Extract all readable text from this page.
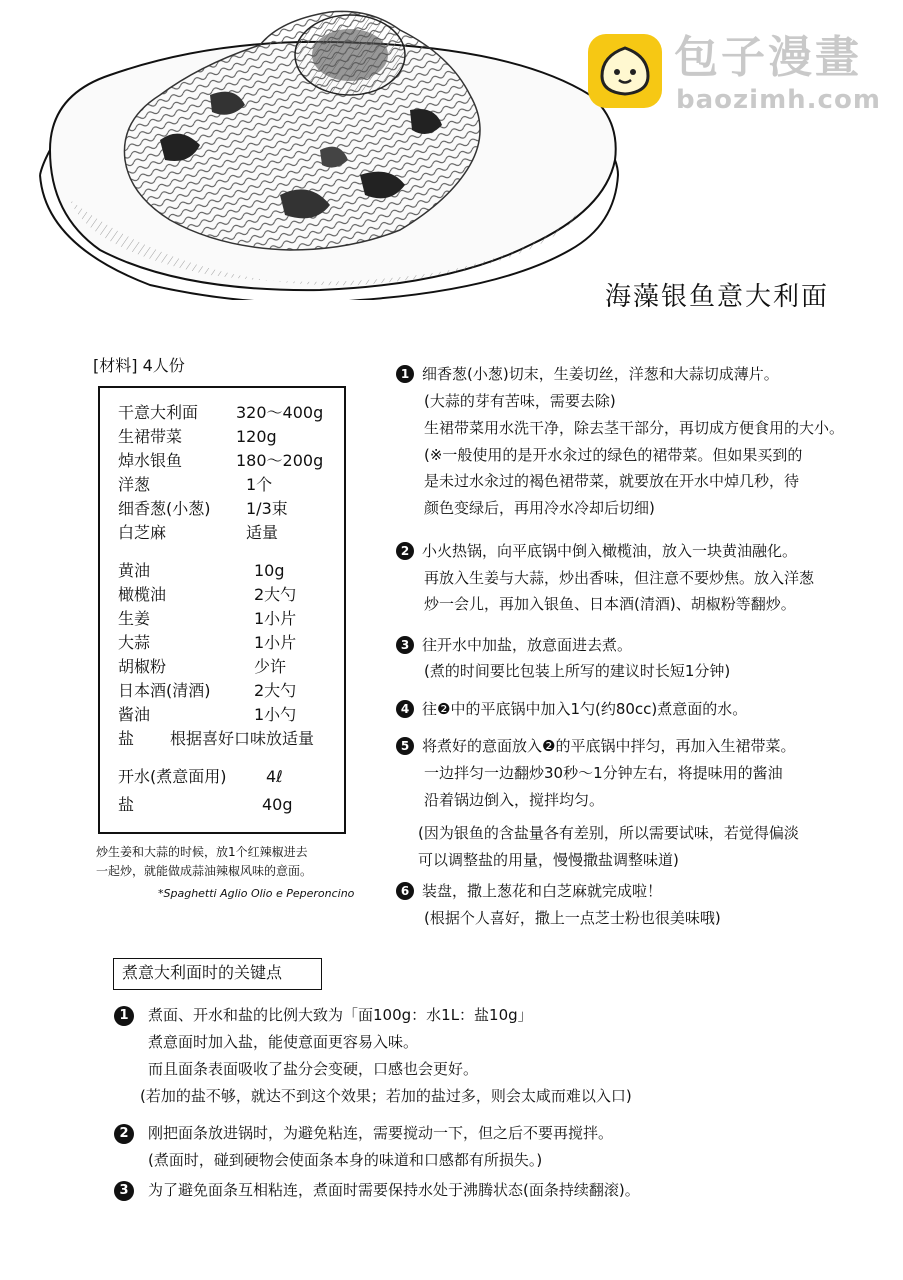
包子漫畫
baozimh.com
海藻银鱼意大利面
[材料] 4人份
干意大利面 320～400g
生裙带菜	120g
焯水银鱼	180～200g
洋葱	1个
细香葱(小葱) 1/3束
白芝麻	适量
黄油	10g
橄榄油	2大勺
生姜	1小片
大蒜	1小片
胡椒粉	少许
日本酒(清酒)	2大勺
酱油	1小勺
盐 根据喜好口味放适量
开水(煮意面用) 4ℓ
盐	40g
炒生姜和大蒜的时候，放1个红辣椒进去
一起炒，就能做成蒜油辣椒风味的意面。
*Spaghetti Aglio Olio e Peperoncino
1 细香葱(小葱)切末，生姜切丝，洋葱和大蒜切成薄片。
(大蒜的芽有苦味，需要去除)
生裙带菜用水洗干净，除去茎干部分，再切成方便食用的大小。
(※一般使用的是开水汆过的绿色的裙带菜。但如果买到的
是未过水汆过的褐色裙带菜，就要放在开水中焯几秒，待
颜色变绿后，再用冷水冷却后切细)
2 小火热锅，向平底锅中倒入橄榄油，放入一块黄油融化。
再放入生姜与大蒜，炒出香味，但注意不要炒焦。放入洋葱
炒一会儿，再加入银鱼、日本酒(清酒)、胡椒粉等翻炒。
3 往开水中加盐，放意面进去煮。
(煮的时间要比包装上所写的建议时长短1分钟)
4 往❷中的平底锅中加入1勺(约80cc)煮意面的水。
5 将煮好的意面放入❷的平底锅中拌匀，再加入生裙带菜。
一边拌匀一边翻炒30秒～1分钟左右，将提味用的酱油
沿着锅边倒入，搅拌均匀。
(因为银鱼的含盐量各有差别，所以需要试味，若觉得偏淡
可以调整盐的用量，慢慢撒盐调整味道)
6 装盘，撒上葱花和白芝麻就完成啦！
(根据个人喜好，撒上一点芝士粉也很美味哦)
煮意大利面时的关键点
1 煮面、开水和盐的比例大致为「面100g：水1L：盐10g」
煮意面时加入盐，能使意面更容易入味。
而且面条表面吸收了盐分会变硬，口感也会更好。
(若加的盐不够，就达不到这个效果；若加的盐过多，则会太咸而难以入口)
2 刚把面条放进锅时，为避免粘连，需要搅动一下，但之后不要再搅拌。
(煮面时，碰到硬物会使面条本身的味道和口感都有所损失。)
3 为了避免面条互相粘连，煮面时需要保持水处于沸腾状态(面条持续翻滚)。
